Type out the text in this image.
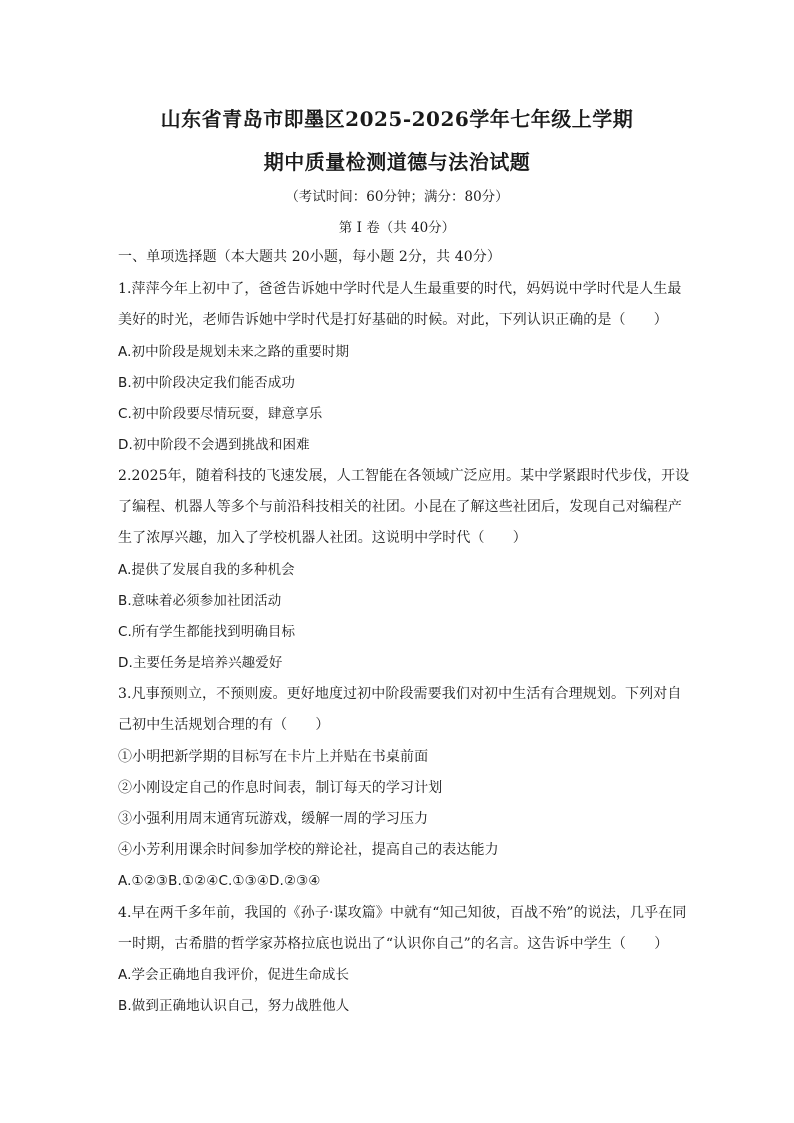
山东省青岛市即墨区2025-2026学年七年级上学期
期中质量检测道德与法治试题
（考试时间：60分钟；满分：80分）
第 I 卷（共 40分）
一、单项选择题（本大题共 20小题，每小题 2分，共 40分）
1.萍萍今年上初中了，爸爸告诉她中学时代是人生最重要的时代，妈妈说中学时代是人生最
美好的时光，老师告诉她中学时代是打好基础的时候。对此，下列认识正确的是（　　）
A.初中阶段是规划未来之路的重要时期
B.初中阶段决定我们能否成功
C.初中阶段要尽情玩耍，肆意享乐
D.初中阶段不会遇到挑战和困难
2.2025年，随着科技的飞速发展，人工智能在各领域广泛应用。某中学紧跟时代步伐，开设
了编程、机器人等多个与前沿科技相关的社团。小昆在了解这些社团后，发现自己对编程产
生了浓厚兴趣，加入了学校机器人社团。这说明中学时代（　　）
A.提供了发展自我的多种机会
B.意味着必须参加社团活动
C.所有学生都能找到明确目标
D.主要任务是培养兴趣爱好
3.凡事预则立，不预则废。更好地度过初中阶段需要我们对初中生活有合理规划。下列对自
己初中生活规划合理的有（　　）
①小明把新学期的目标写在卡片上并贴在书桌前面
②小刚设定自己的作息时间表，制订每天的学习计划
③小强利用周末通宵玩游戏，缓解一周的学习压力
④小芳利用课余时间参加学校的辩论社，提高自己的表达能力
A.①②③B.①②④C.①③④D.②③④
4.早在两千多年前，我国的《孙子·谋攻篇》中就有“知己知彼，百战不殆”的说法，几乎在同
一时期，古希腊的哲学家苏格拉底也说出了“认识你自己”的名言。这告诉中学生（　　）
A.学会正确地自我评价，促进生命成长
B.做到正确地认识自己，努力战胜他人
